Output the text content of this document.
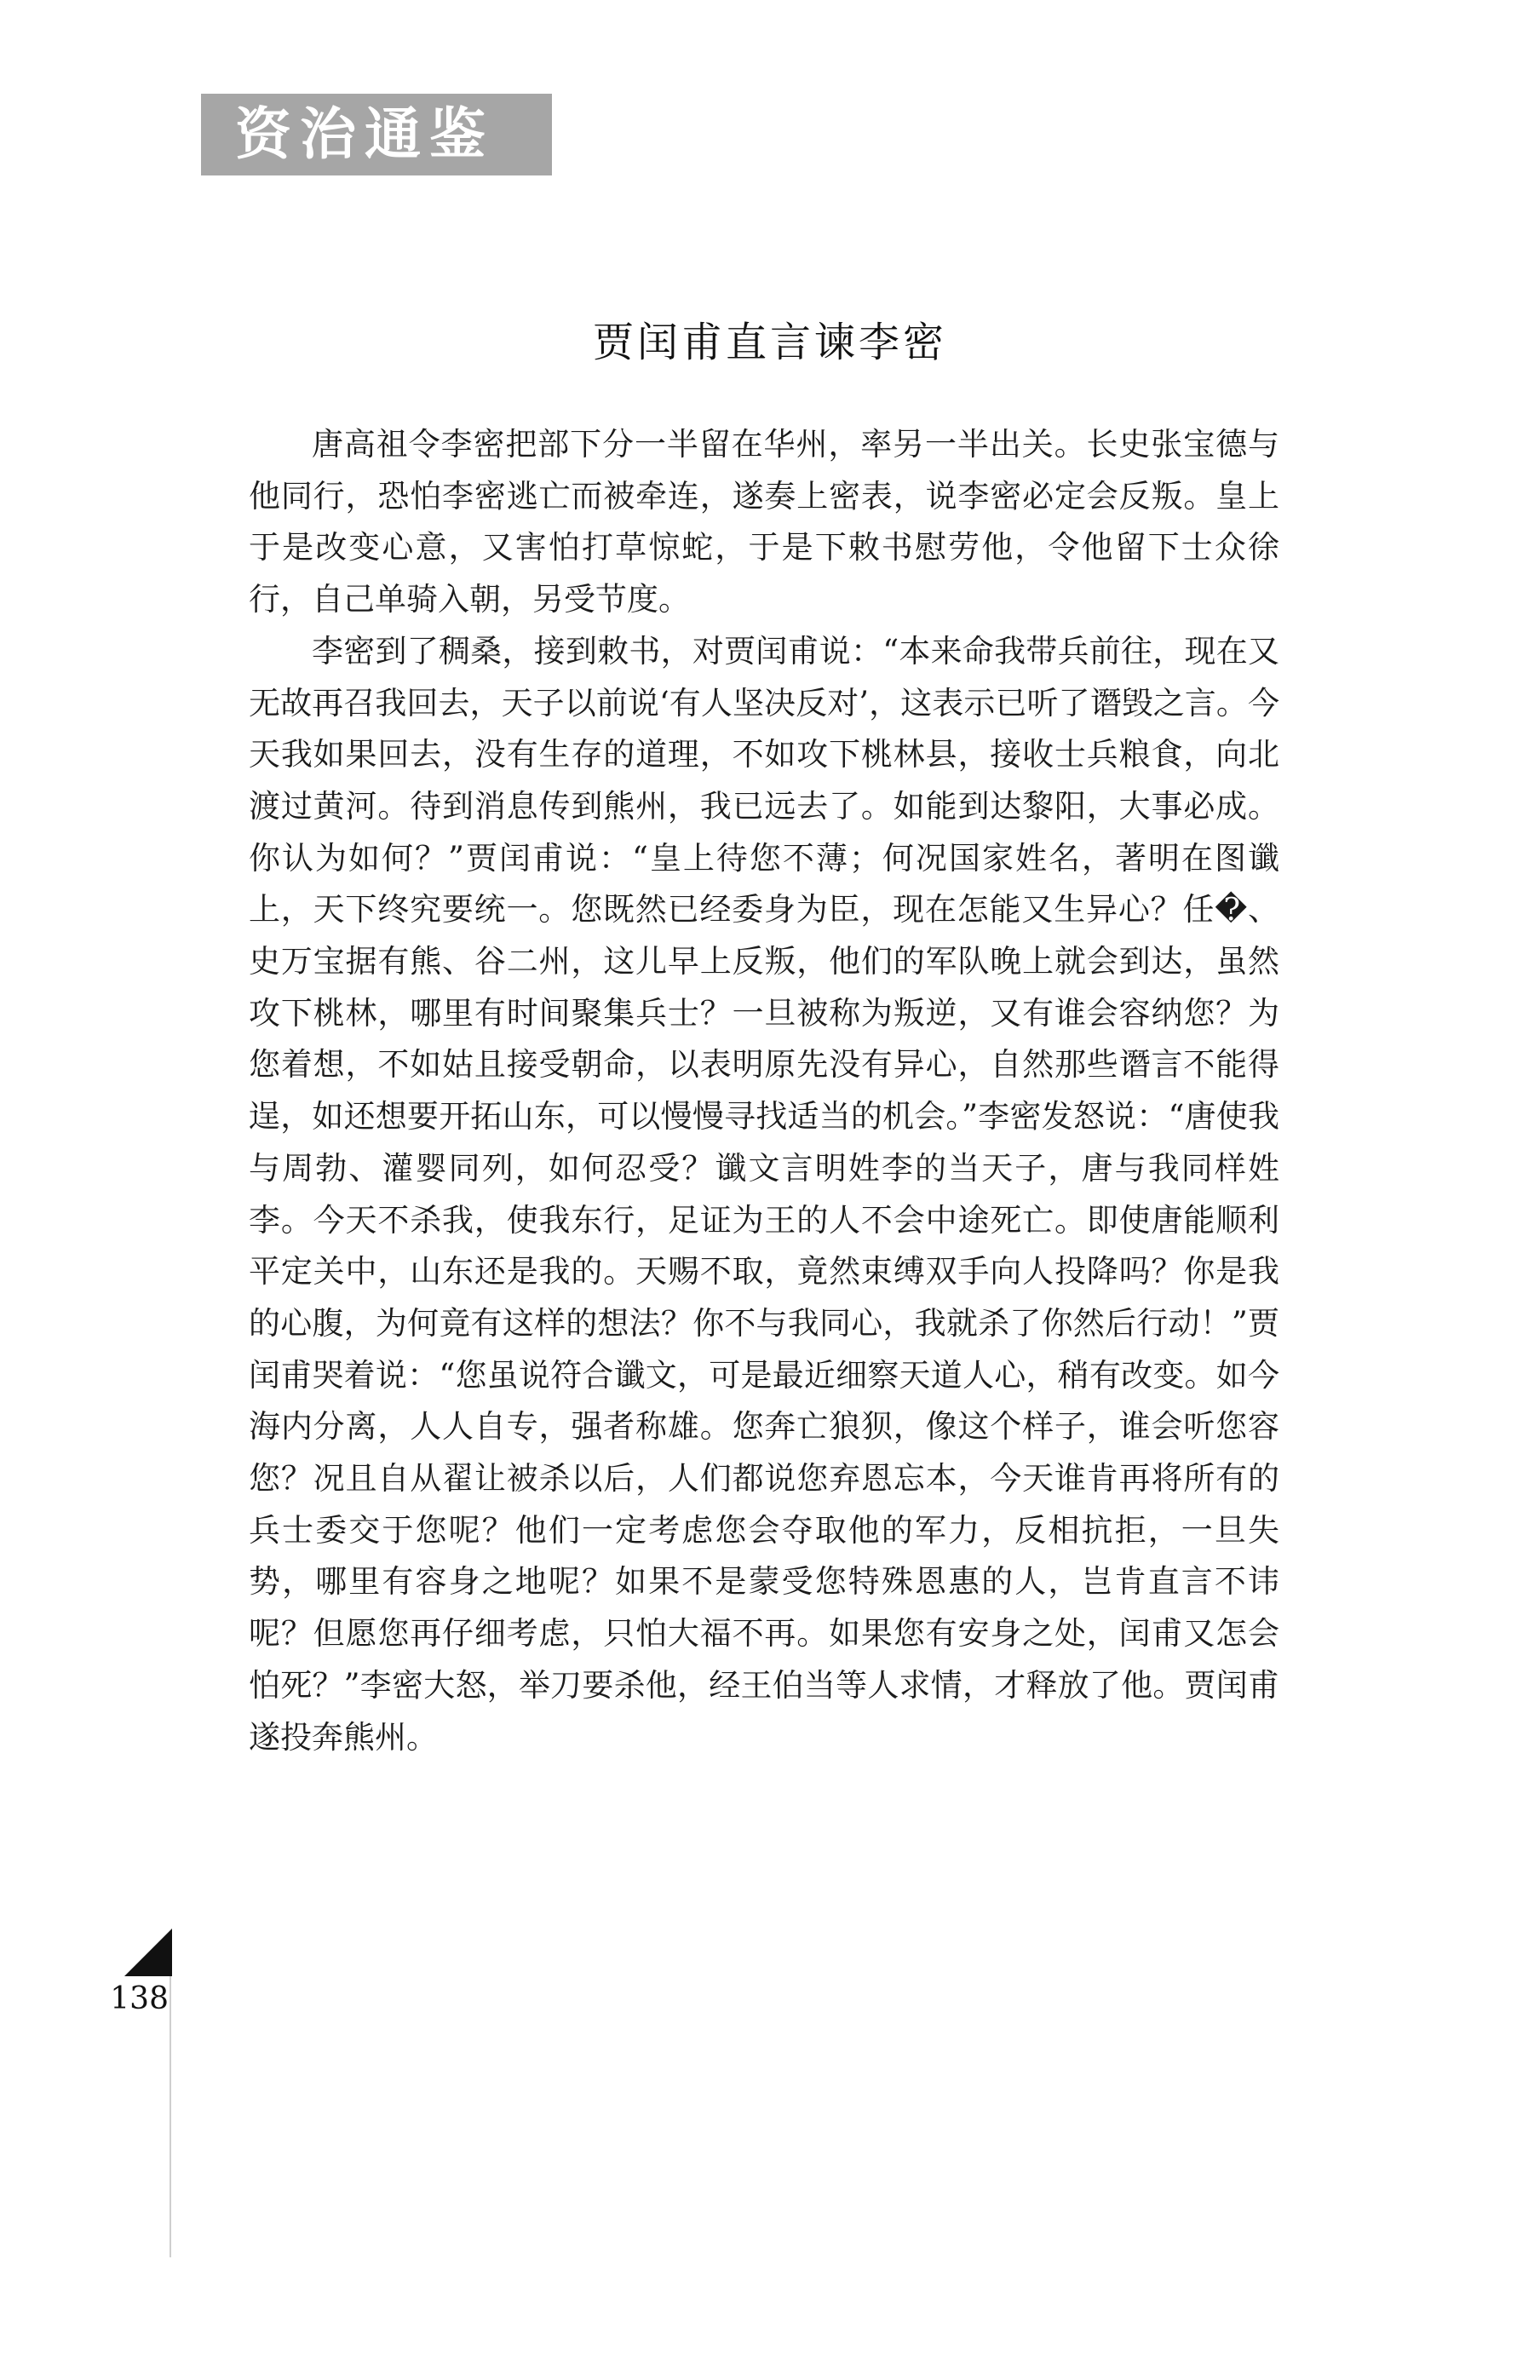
资治通鉴
贾闰甫直言谏李密

唐高祖令李密把部下分一半留在华州，率另一半出关。长史张宝德与他同行，恐怕李密逃亡而被牵连，遂奏上密表，说李密必定会反叛。皇上于是改变心意，又害怕打草惊蛇，于是下敕书慰劳他，令他留下士众徐行，自己单骑入朝，另受节度。

李密到了稠桑，接到敕书，对贾闰甫说：“本来命我带兵前往，现在又无故再召我回去，天子以前说‘有人坚决反对’，这表示已听了谮毁之言。今天我如果回去，没有生存的道理，不如攻下桃林县，接收士兵粮食，向北渡过黄河。待到消息传到熊州，我已远去了。如能到达黎阳，大事必成。你认为如何？”贾闰甫说：“皇上待您不薄；何况国家姓名，著明在图谶上，天下终究要统一。您既然已经委身为臣，现在怎能又生异心？任�、史万宝据有熊、谷二州，这儿早上反叛，他们的军队晚上就会到达，虽然攻下桃林，哪里有时间聚集兵士？一旦被称为叛逆，又有谁会容纳您？为您着想，不如姑且接受朝命，以表明原先没有异心，自然那些谮言不能得逞，如还想要开拓山东，可以慢慢寻找适当的机会。”李密发怒说：“唐使我与周勃、灌婴同列，如何忍受？谶文言明姓李的当天子，唐与我同样姓李。今天不杀我，使我东行，足证为王的人不会中途死亡。即使唐能顺利平定关中，山东还是我的。天赐不取，竟然束缚双手向人投降吗？你是我的心腹，为何竟有这样的想法？你不与我同心，我就杀了你然后行动！”贾闰甫哭着说：“您虽说符合谶文，可是最近细察天道人心，稍有改变。如今海内分离，人人自专，强者称雄。您奔亡狼狈，像这个样子，谁会听您容您？况且自从翟让被杀以后，人们都说您弃恩忘本，今天谁肯再将所有的兵士委交于您呢？他们一定考虑您会夺取他的军力，反相抗拒，一旦失势，哪里有容身之地呢？如果不是蒙受您特殊恩惠的人，岂肯直言不讳呢？但愿您再仔细考虑，只怕大福不再。如果您有安身之处，闰甫又怎会怕死？”李密大怒，举刀要杀他，经王伯当等人求情，才释放了他。贾闰甫遂投奔熊州。

138
